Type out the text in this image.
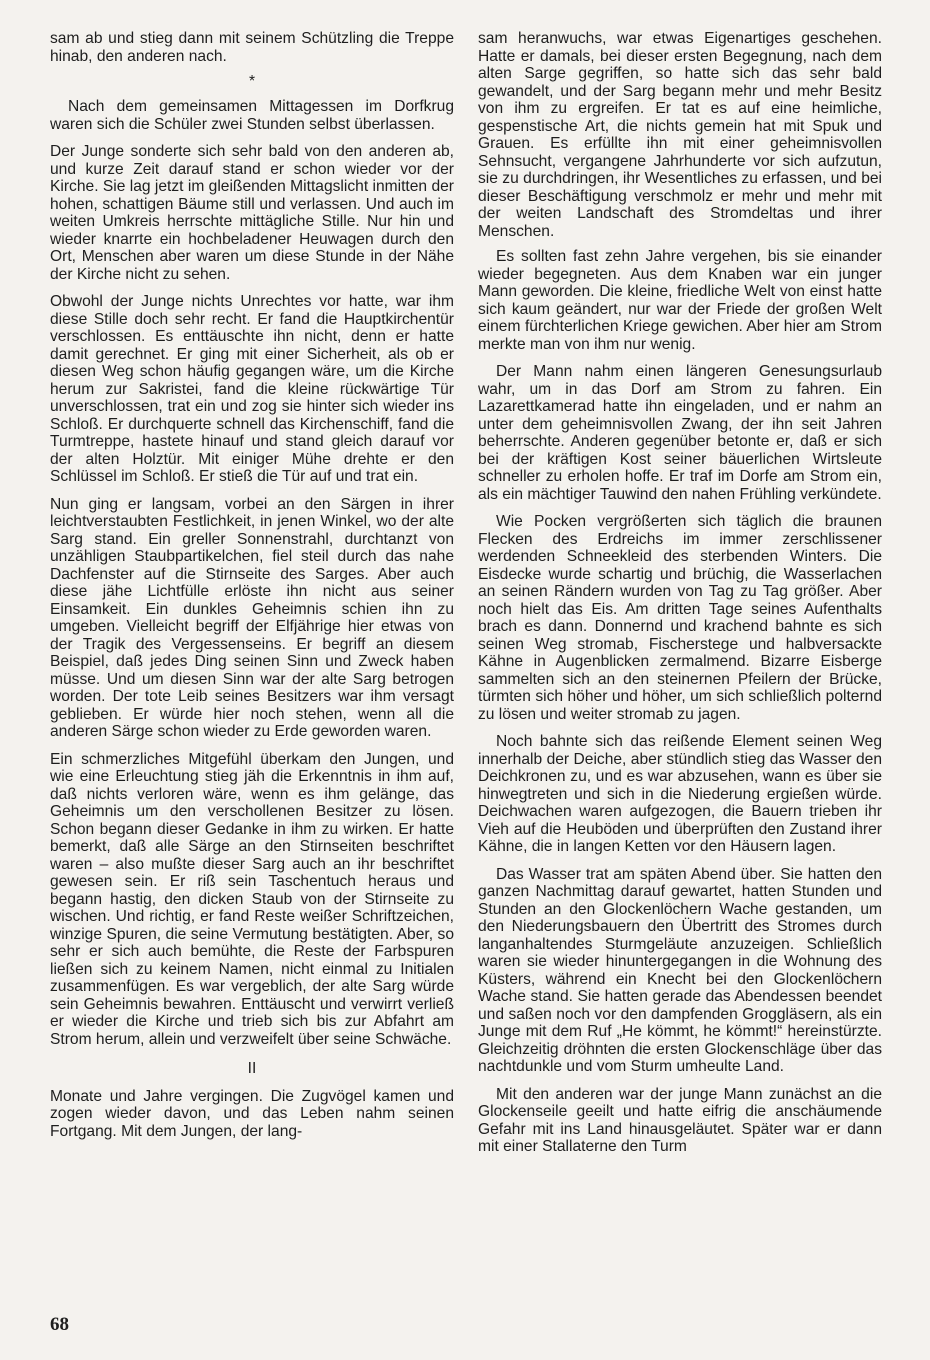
sam ab und stieg dann mit seinem Schützling die Treppe hinab, den anderen nach.

*

Nach dem gemeinsamen Mittagessen im Dorfkrug waren sich die Schüler zwei Stunden selbst überlassen.

Der Junge sonderte sich sehr bald von den anderen ab, und kurze Zeit darauf stand er schon wieder vor der Kirche. Sie lag jetzt im gleißenden Mittagslicht inmitten der hohen, schattigen Bäume still und verlassen. Und auch im weiten Umkreis herrschte mittägliche Stille. Nur hin und wieder knarrte ein hochbeladener Heuwagen durch den Ort, Menschen aber waren um diese Stunde in der Nähe der Kirche nicht zu sehen.

Obwohl der Junge nichts Unrechtes vor hatte, war ihm diese Stille doch sehr recht. Er fand die Hauptkirchentür verschlossen. Es enttäuschte ihn nicht, denn er hatte damit gerechnet. Er ging mit einer Sicherheit, als ob er diesen Weg schon häufig gegangen wäre, um die Kirche herum zur Sakristei, fand die kleine rückwärtige Tür unverschlossen, trat ein und zog sie hinter sich wieder ins Schloß. Er durchquerte schnell das Kirchenschiff, fand die Turmtreppe, hastete hinauf und stand gleich darauf vor der alten Holztür. Mit einiger Mühe drehte er den Schlüssel im Schloß. Er stieß die Tür auf und trat ein.

Nun ging er langsam, vorbei an den Särgen in ihrer leichtverstaubten Festlichkeit, in jenen Winkel, wo der alte Sarg stand. Ein greller Sonnenstrahl, durchtanzt von unzähligen Staubpartikelchen, fiel steil durch das nahe Dachfenster auf die Stirnseite des Sarges. Aber auch diese jähe Lichtfülle erlöste ihn nicht aus seiner Einsamkeit. Ein dunkles Geheimnis schien ihn zu umgeben. Vielleicht begriff der Elfjährige hier etwas von der Tragik des Vergessenseins. Er begriff an diesem Beispiel, daß jedes Ding seinen Sinn und Zweck haben müsse. Und um diesen Sinn war der alte Sarg betrogen worden. Der tote Leib seines Besitzers war ihm versagt geblieben. Er würde hier noch stehen, wenn all die anderen Särge schon wieder zu Erde geworden waren.

Ein schmerzliches Mitgefühl überkam den Jungen, und wie eine Erleuchtung stieg jäh die Erkenntnis in ihm auf, daß nichts verloren wäre, wenn es ihm gelänge, das Geheimnis um den verschollenen Besitzer zu lösen. Schon begann dieser Gedanke in ihm zu wirken. Er hatte bemerkt, daß alle Särge an den Stirnseiten beschriftet waren – also mußte dieser Sarg auch an ihr beschriftet gewesen sein. Er riß sein Taschentuch heraus und begann hastig, den dicken Staub von der Stirnseite zu wischen. Und richtig, er fand Reste weißer Schriftzeichen, winzige Spuren, die seine Vermutung bestätigten. Aber, so sehr er sich auch bemühte, die Reste der Farbspuren ließen sich zu keinem Namen, nicht einmal zu Initialen zusammenfügen. Es war vergeblich, der alte Sarg würde sein Geheimnis bewahren. Enttäuscht und verwirrt verließ er wieder die Kirche und trieb sich bis zur Abfahrt am Strom herum, allein und verzweifelt über seine Schwäche.

II

Monate und Jahre vergingen. Die Zugvögel kamen und zogen wieder davon, und das Leben nahm seinen Fortgang. Mit dem Jungen, der lang-

sam heranwuchs, war etwas Eigenartiges geschehen. Hatte er damals, bei dieser ersten Begegnung, nach dem alten Sarge gegriffen, so hatte sich das sehr bald gewandelt, und der Sarg begann mehr und mehr Besitz von ihm zu ergreifen. Er tat es auf eine heimliche, gespenstische Art, die nichts gemein hat mit Spuk und Grauen. Es erfüllte ihn mit einer geheimnisvollen Sehnsucht, vergangene Jahrhunderte vor sich aufzutun, sie zu durchdringen, ihr Wesentliches zu erfassen, und bei dieser Beschäftigung verschmolz er mehr und mehr mit der weiten Landschaft des Stromdeltas und ihrer Menschen.

Es sollten fast zehn Jahre vergehen, bis sie einander wieder begegneten. Aus dem Knaben war ein junger Mann geworden. Die kleine, friedliche Welt von einst hatte sich kaum geändert, nur war der Friede der großen Welt einem fürchterlichen Kriege gewichen. Aber hier am Strom merkte man von ihm nur wenig.

Der Mann nahm einen längeren Genesungsurlaub wahr, um in das Dorf am Strom zu fahren. Ein Lazarettkamerad hatte ihn eingeladen, und er nahm an unter dem geheimnisvollen Zwang, der ihn seit Jahren beherrschte. Anderen gegenüber betonte er, daß er sich bei der kräftigen Kost seiner bäuerlichen Wirtsleute schneller zu erholen hoffe. Er traf im Dorfe am Strom ein, als ein mächtiger Tauwind den nahen Frühling verkündete.

Wie Pocken vergrößerten sich täglich die braunen Flecken des Erdreichs im immer zerschlissener werdenden Schneekleid des sterbenden Winters. Die Eisdecke wurde schartig und brüchig, die Wasserlachen an seinen Rändern wurden von Tag zu Tag größer. Aber noch hielt das Eis. Am dritten Tage seines Aufenthalts brach es dann. Donnernd und krachend bahnte es sich seinen Weg stromab, Fischerstege und halbversackte Kähne in Augenblicken zermalmend. Bizarre Eisberge sammelten sich an den steinernen Pfeilern der Brücke, türmten sich höher und höher, um sich schließlich polternd zu lösen und weiter stromab zu jagen.

Noch bahnte sich das reißende Element seinen Weg innerhalb der Deiche, aber stündlich stieg das Wasser den Deichkronen zu, und es war abzusehen, wann es über sie hinwegtreten und sich in die Niederung ergießen würde. Deichwachen waren aufgezogen, die Bauern trieben ihr Vieh auf die Heuböden und überprüften den Zustand ihrer Kähne, die in langen Ketten vor den Häusern lagen.

Das Wasser trat am späten Abend über. Sie hatten den ganzen Nachmittag darauf gewartet, hatten Stunden und Stunden an den Glockenlöchern Wache gestanden, um den Niederungsbauern den Übertritt des Stromes durch langanhaltendes Sturmgeläute anzuzeigen. Schließlich waren sie wieder hinuntergegangen in die Wohnung des Küsters, während ein Knecht bei den Glockenlöchern Wache stand. Sie hatten gerade das Abendessen beendet und saßen noch vor den dampfenden Groggläsern, als ein Junge mit dem Ruf „He kömmt, he kömmt!“ hereinstürzte. Gleichzeitig dröhnten die ersten Glockenschläge über das nachtdunkle und vom Sturm umheulte Land.

Mit den anderen war der junge Mann zunächst an die Glockenseile geeilt und hatte eifrig die anschäumende Gefahr mit ins Land hinausgeläutet. Später war er dann mit einer Stallaterne den Turm

68
